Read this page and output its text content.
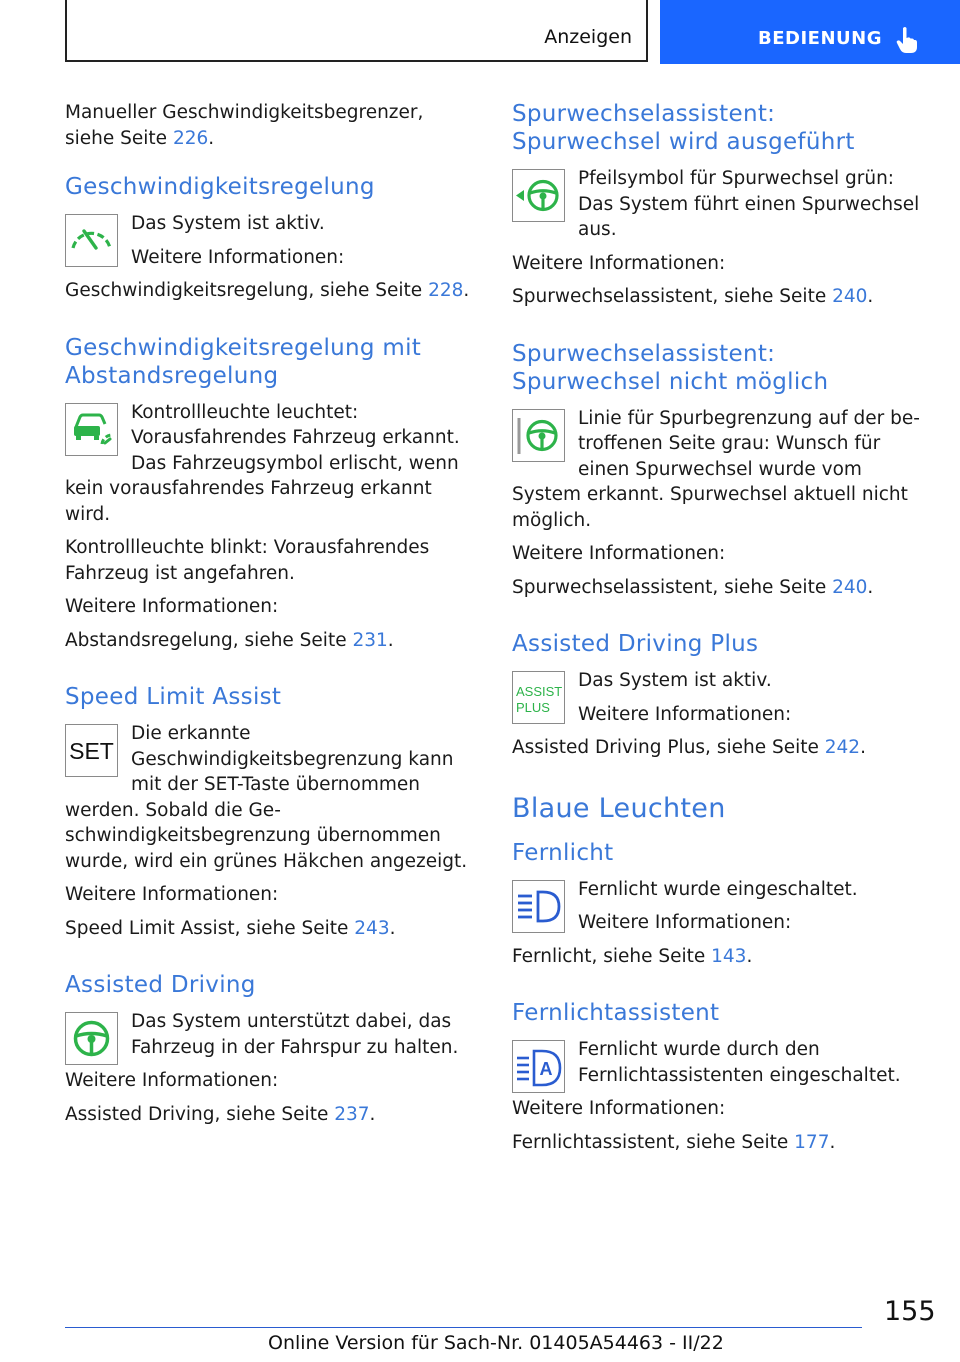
Anzeigen	BEDIENUNG

Manueller Geschwindigkeitsbegrenzer, siehe Seite 226.

Geschwindigkeitsregelung

Das System ist aktiv.

Weitere Informationen:

Geschwindigkeitsregelung, siehe Seite 228.

Geschwindigkeitsregelung mit Abstandsregelung

Kontrollleuchte leuchtet: Vorausfahrendes Fahrzeug erkannt. Das Fahrzeugsymbol erlischt, wenn kein vorausfahrendes Fahrzeug erkannt wird.

Kontrollleuchte blinkt: Vorausfahrendes Fahrzeug ist angefahren.

Weitere Informationen:

Abstandsregelung, siehe Seite 231.

Speed Limit Assist
SET

Die erkannte Geschwindigkeitsbegrenzung kann mit der SET-Taste übernommen werden. Sobald die Geschwindigkeitsbegrenzung übernommen wurde, wird ein grünes Häkchen angezeigt.

Weitere Informationen:

Speed Limit Assist, siehe Seite 243.

Assisted Driving

Das System unterstützt dabei, das Fahrzeug in der Fahrspur zu halten.

Weitere Informationen:

Assisted Driving, siehe Seite 237.

Spurwechselassistent: Spurwechsel wird ausgeführt

Pfeilsymbol für Spurwechsel grün: Das System führt einen Spurwechsel aus.

Weitere Informationen:

Spurwechselassistent, siehe Seite 240.

Spurwechselassistent: Spurwechsel nicht möglich

Linie für Spurbegrenzung auf der betroffenen Seite grau: Wunsch für einen Spurwechsel wurde vom System erkannt. Spurwechsel aktuell nicht möglich.

Weitere Informationen:

Spurwechselassistent, siehe Seite 240.

Assisted Driving Plus
ASSIST
PLUS

Das System ist aktiv.

Weitere Informationen:

Assisted Driving Plus, siehe Seite 242.

Blaue Leuchten
Fernlicht

Fernlicht wurde eingeschaltet.

Weitere Informationen:

Fernlicht, siehe Seite 143.

Fernlichtassistent
A

Fernlicht wurde durch den Fernlichtassistenten eingeschaltet.

Weitere Informationen:

Fernlichtassistent, siehe Seite 177.

155
Online Version für Sach-Nr. 01405A54463 - II/22
